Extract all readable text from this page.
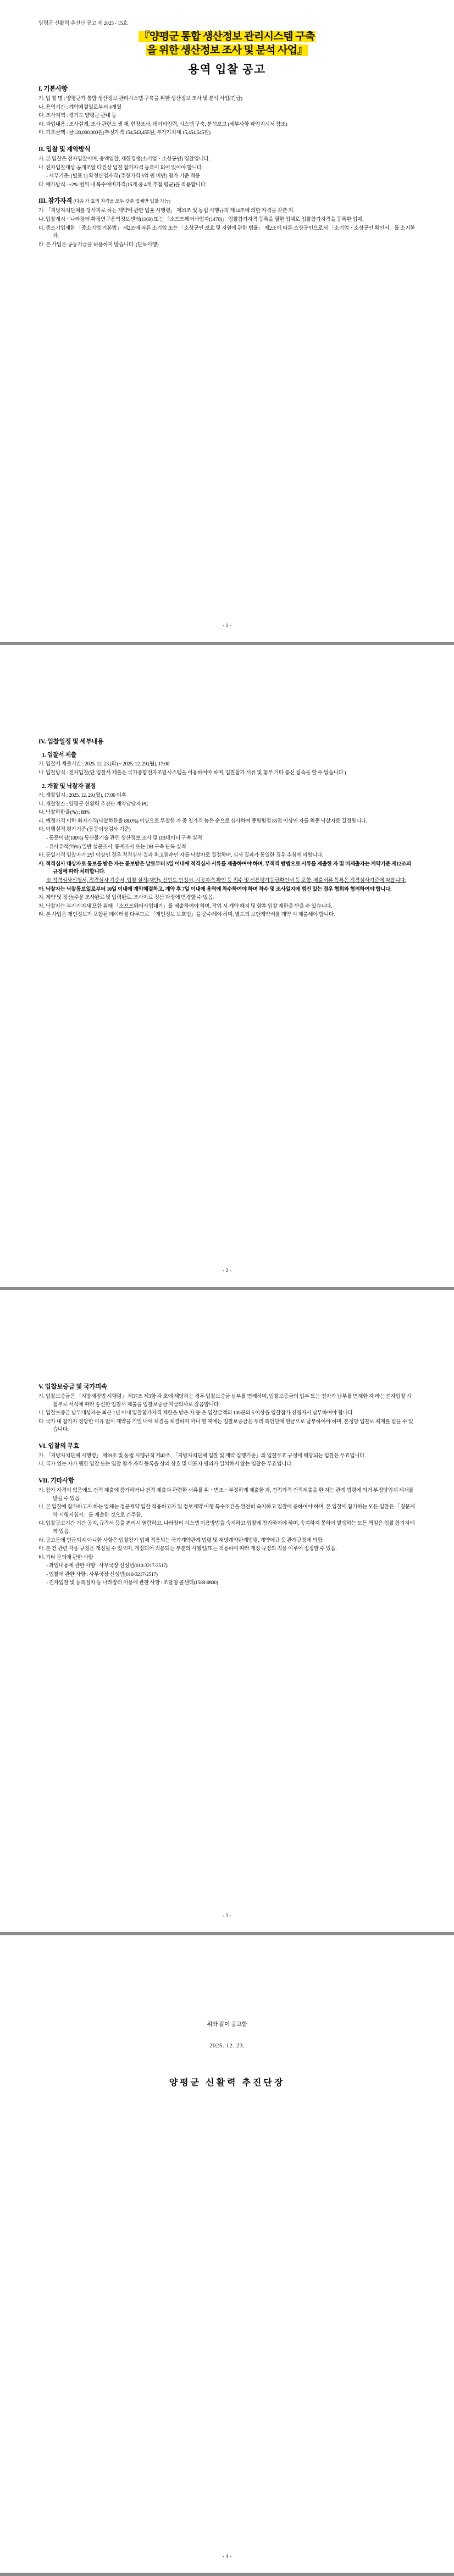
양평군 신활력 추진단 공고 제 2025 - 15호
『양평군 통합 생산정보 관리시스템 구축
을 위한 생산정보 조사 및 분석 사업』
용역 입찰 공고
I. 기본사항
가. 입 찰 명 : 양평군가 통합 생산정보 관리시스템 구축을 위한 생산정보 조사 및 분석 사업(긴급)
나. 용역기간 : 계약체결일로부터 4개월
다. 조사지역 : 경기도 양평군 관내 등
라. 과업내용 : 조사설계, 조사 관련소 생 재, 현장조사, 데이터입력, 시스템 구축, 분석보고 (세부사항 과업지시서 참조)
마. 기초금액 : 금120,000,000원(추정가격 154,543,455원, 부가가치세 15,454,545원)
II. 입찰 및 계약방식
가. 본 입찰은 전자입찰이며, 총액입찰, 제한경쟁(소기업ㆍ소상공인) 입찰입니다.
나. 전자입찰대상 공개조달 다건상 입찰 참가자격 등록이 되어 있어야 합니다.
- 세부기준: [별표 1] 확정산업자격 (주장가격 5억 원 미만) 참가 기준 적용
다. 예가방식 : ±2% 범위 내 복수예비가격(15개 중 4개 추첨 평균)을 적용합니다.
III. 참가자격 (다음 각 호의 자격을 모두 갖춘 업체만 입찰 가능)
가. 「지방자치단체를 당사자로 하는 계약에 관한 법률 시행령」 제23조 및 동법 시행규칙 제14조에 의한 자격을 갖춘 자.
나. 입찰개시ㆍ나라장터 확정연구용역정보센터(1169) 또는 「소프트웨어사업자(1470)」 입찰참가자격 등록을 필한 업체로 입찰참가자격을 등록한 업체.
다. 중소기업제한 「중소기업 기본법」 제2조에 따른 소기업 또는 「소상공인 보호 및 지원에 관한 법률」 제2조에 따른 소상공인으로서 「소기업ㆍ소상공인 확인서」를 소지한 자.
라. 본 사업은 공동기급을 허용하지 않습니다. (단독이행)
- 1 -
IV. 입찰일정 및 세부내용
1. 입찰서 제출
가. 입찰서 제출기간 : 2025. 12. 23.(화) ~ 2025. 12. 29.(월), 17:00
나. 입찰방식 : 전자입찰(단 입찰서 제출은 국가종합전자조달시스템을 이용하여야 하며, 입찰참가 서류 및 첨부 기타 통신 접속을 할 수 없습니다.)
2. 개찰 및 낙찰자 결정
가. 개찰일시 : 2025. 12. 29.(월), 17:00 이후
나. 개찰장소 : 양평군 신활력 추진단 계약담당자 PC
다. 낙찰하한율(%) : 88%
라. 예정가격 이하 최저가격(낙찰하한율 88.0%) 이상으로 투찰한 자 중 첫가격 높은 순으로 심사하여 종합평점 85점 이상인 자를 최종 낙찰자로 결정합니다.
마. 이행실적 평가기준 (동등이상검사 기준)
- 동등이상(100%) 동산물기술 관련 생산정보 조사 및 DB데이터 구축 실적
- 유사유적(75%) 일반 설문조사, 통계조사 또는 DB 구축 단독 실적
바. 동일가격 입찰자가 2인 이상인 경우 적격심사 결과 최고점수인 자를 낙찰자로 결정하며, 심사 결과가 동일한 경우 추첨에 의합니다.
사. 적격심사 대상자로 통보를 받은 자는 통보받은 날로부터 5일 이내에 적격심사 서류를 제출하여야 하며, 부적격 방법으로 서류를 제출한 자 및 미제출자는 계약기준 제12조의 규정에 따라 처리합니다.
※ 적격심사신청서, 적격심사 기준서, 입찰 실적(재단), 신인도 인정서, 시공자격 확인 등 접수 및 신용평가등급확인서 등 포함, 제출서류 목록은 적격심사기준에 따릅니다.
아. 낙찰자는 낙찰통보일로부터 10일 이내에 계약체결하고, 계약 후 7일 이내에 용역에 착수하여야 하며 착수 및 조사일지에 범진 있는 경우 협회와 협의하여야 합니다.
자. 제약 및 정산(주문 조사완료 및 입력완료, 조사자료 정산 과정에 변경할 수 있음.
차. 낙찰자는 부가가치세 포함 위해 「소프트웨어사업대가」를 제출하여야 하며, 작업 시 계약 해지 및 향후 입찰 제한을 받을 수 있습니다.
타. 본 사업은 개인정보가 포함된 데이터를 다루므로 「개인정보 보호법」을 준수해야 하며, 별도의 보안계약서를 계약 시 제출해야 합니다.
- 2 -
V. 입찰보증금 및 국가피속
가. 입찰보증금은 「지방재정법 시행령」 제37조 제3항 각 호에 해당하는 경우 입찰보증금 납부를 면제하며, 입찰보증금의 입부 또는 전자가 납부를 면제한 자 라는 전자입찰 시 첨부로 서식에 따라 송신한 입찰서 제출을 입찰보증금 지급의사로 갈음합니다.
나. 입찰보증금 납부대상자는 최근 1년 이내 입찰참가자격 제한을 받은 자 등 은 입찰금액의 100분의 5 이상을 입찰참가 신청자시 납부하여야 합니다.
다. 국가 내 참가자 정당한 이유 없이 계약을 기일 내에 체결을 체결하지 아니 할 때에는 입찰보증금은 우리 측인단에 현금으로 납부하여야 하며, 본정당 입찰로 체계를 받을 수 있습니다.
VI. 입찰의 무효
가. 「지방자치단체 시행령」 제39조 및 동법 시행규칙 제42조, 「지방자치단체 입찰 및 계약 집행기준」의 입찰무효 규정에 해당되는 입찰은 무효입니다.
나. 국가 없는 자가 행한 입찰 또는 입찰 참가 자격 등록을 상의 상호 및 대표자 명의가 일치하지 않는 입찰은 무효입니다.
VII. 기타사항
가. 참가 자격이 없음에도 건적 제출에 참가하거나 건적 제출과 관련한 서류를 위ㆍ변조ㆍ부정하게 제출한 자, 건적가격 건적제출을 한 자는 관계 법령에 의거 부정당업체 제재를 받을 수 있음.
나. 본 입찰에 참가하고자 하는 업체는 정문제약 입찰 적용하고자 및 정보제약 이행 특수조건을 완전히 숙지하고 입찰에 응하여야 하며, 본 입찰에 참가하는 모든 입찰은 「정문계약 시행지침서」를 제출한 것으로 간주함.
다. 입찰공고기간 기간 공지, 규격서 등을 편리시 열람하고, 나라장터 시스템 이용방법을 숙지하고 입찰에 참가하여야 하며, 숙지하지 못하여 발생하는 모든 책임은 입찰 참가자에게 있음.
라. 공고문에 언급되지 아니한 사항은 입찰참가 업체 적용되는 국가계약관계 법령 및 재방계약관계법령, 계약에규 등 관계규정에 의함.
마. 본 건 관련 각종 규정은 개정될 수 있으며, 개정되어 적용되는 부분의 시행일(또는 적용하여 따라 개정 규정의 적용 이루어 정정할 수 있음.
바. 기타 문의에 관한 사항
- 과업내용에 관한 사항 : 사무국장 신성빈(010-3217-2517)
- 입찰에 관한 사항 : 사무국장 신성빈(010-3217-2517)
- 전자입찰 및 등록절차 등 나라장터 이용에 관한 사항 : 조달청 콜센터(1588-0800)
- 3 -
위와 같이 공고함
2025. 12. 23.
양평군 신활력 추진단장
- 4 -
